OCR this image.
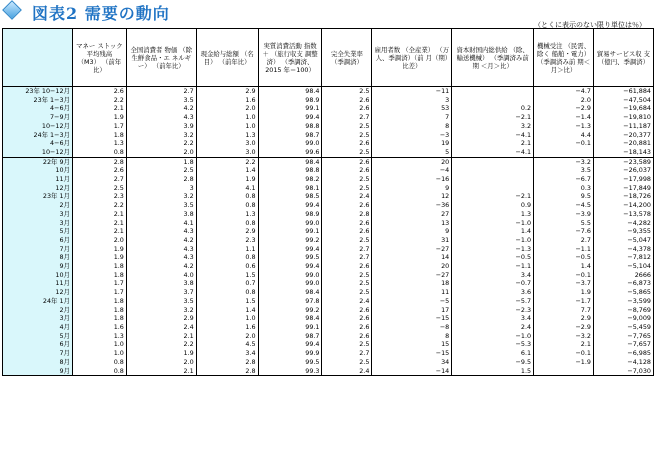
図表2 需要の動向
（とくに表示のない限り単位は％）
	マネー ストック 平均残高 （M3） （前年比）	全国消費者 物価 （除生鮮食品・エ ネルギー） （前年比）	現金給与総額 （名目） （前年比）	実質消費活動 指数＋ （旅行収支 調整済） （季調済、2015 年＝100）	完全失業率 （季調済）	雇用者数 （全産業） （万人、季調済）（前 月（期）比差）	資本財国内総供給 （除、輸送機械） （季調済み前期 ＜月＞比）	機械受注 （民需、除く 船舶・電力） （季調済み前 期＜月＞比）	貿易サービス収 支 （億円、季調済）
23年 10−12月	2.6	2.7	2.9	98.4	2.5	−11		−4.7	−61,884
23年 1−3月	2.2	3.5	1.6	98.9	2.6	3		2.0	−47,504
4−6月	2.1	4.2	2.0	99.1	2.6	53	0.2	−2.9	−19,684
7−9月	1.9	4.3	1.0	99.4	2.7	7	−2.1	−1.4	−19,810
10−12月	1.7	3.9	1.0	98.8	2.5	8	3.2	−1.3	−11,187
24年 1−3月	1.8	3.2	1.3	98.7	2.5	−3	−4.1	4.4	−20,377
4−6月	1.3	2.2	3.0	99.0	2.6	19	2.1	−0.1	−20,881
10−12月	0.8	2.0	3.0	99.6	2.5	5	−4.1		−18,143
22年 9月	2.8	1.8	2.2	98.4	2.6	20		−3.2	−23,589
10月	2.6	2.5	1.4	98.8	2.6	−4		3.5	−26,037
11月	2.7	2.8	1.9	98.2	2.5	−16		−6.7	−17,998
12月	2.5	3	4.1	98.1	2.5	9		0.3	−17,849
23年 1月	2.3	3.2	0.8	98.5	2.4	12	−2.1	9.5	−18,726
2月	2.2	3.5	0.8	99.4	2.6	−36	0.9	−4.5	−14,200
3月	2.1	3.8	1.3	98.9	2.8	27	1.3	−3.9	−13,578
3月	2.1	4.1	0.8	99.0	2.6	13	−1.0	5.5	−4,282
5月	2.1	4.3	2.9	99.1	2.6	9	1.4	−7.6	−9,355
6月	2.0	4.2	2.3	99.2	2.5	31	−1.0	2.7	−5,047
7月	1.9	4.3	1.1	99.4	2.7	−27	−1.3	−1.1	−4,378
8月	1.9	4.3	0.8	99.5	2.7	14	−0.5	−0.5	−7,812
9月	1.8	4.2	0.6	99.4	2.6	20	−1.1	1.4	−5,104
10月	1.8	4.0	1.5	99.0	2.5	−27	3.4	−0.1	2666
11月	1.7	3.8	0.7	99.0	2.5	18	−0.7	−3.7	−6,873
12月	1.7	3.7	0.8	98.4	2.5	11	3.6	1.9	−5,865
24年 1月	1.8	3.5	1.5	97.8	2.4	−5	−5.7	−1.7	−3,599
2月	1.8	3.2	1.4	99.2	2.6	17	−2.3	7.7	−8,769
3月	1.8	2.9	1.0	98.4	2.6	−15	3.4	2.9	−9,009
4月	1.6	2.4	1.6	99.1	2.6	−8	2.4	−2.9	−5,459
5月	1.3	2.1	2.0	98.7	2.6	8	−1.0	−3.2	−7,765
6月	1.0	2.2	4.5	99.4	2.5	15	−5.3	2.1	−7,657
7月	1.0	1.9	3.4	99.9	2.7	−15	6.1	−0.1	−6,985
8月	0.8	2.0	2.8	99.5	2.5	34	−9.5	−1.9	−4,128
9月	0.8	2.1	2.8	99.3	2.4	−14	1.5		−7,030
